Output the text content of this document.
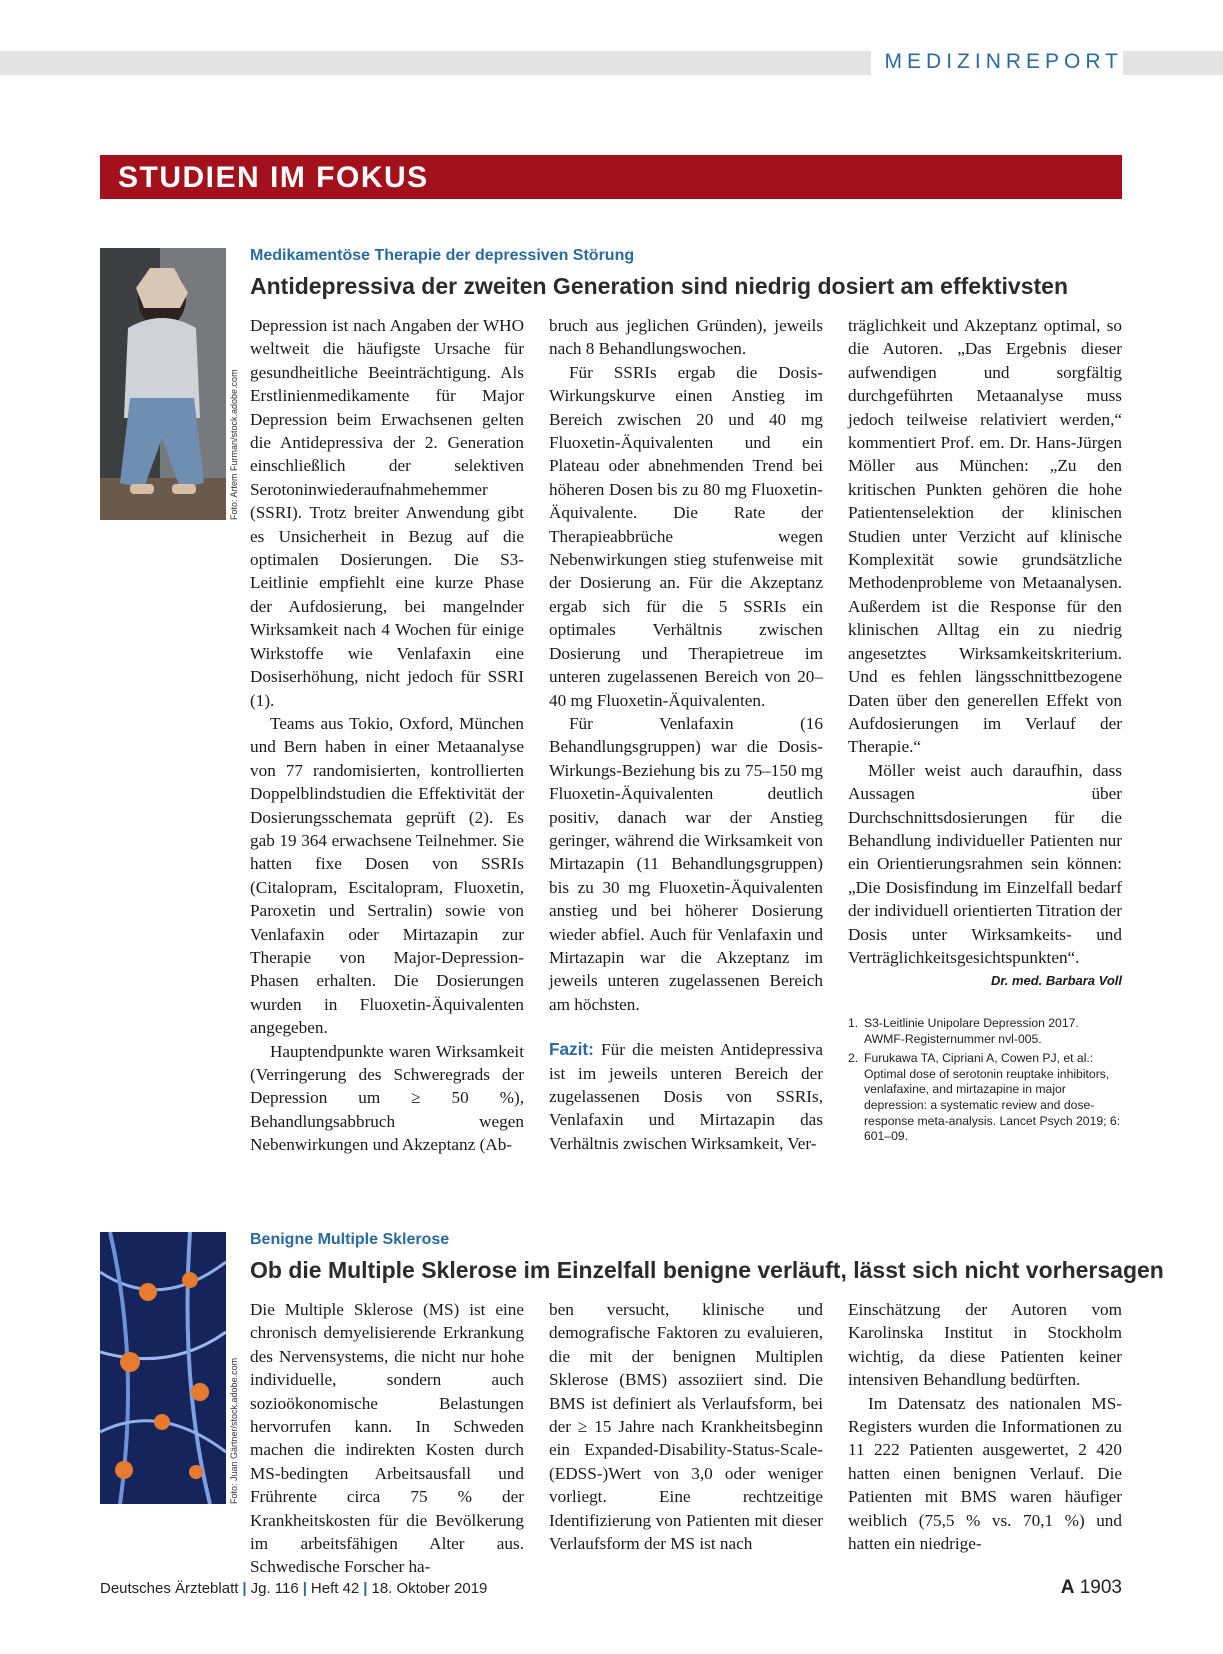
MEDIZINREPORT
STUDIEN IM FOKUS
Foto: Artem Furman/stock.adobe.com
Medikamentöse Therapie der depressiven Störung
Antidepressiva der zweiten Generation sind niedrig dosiert am effektivsten

Depression ist nach Angaben der WHO weltweit die häufigste Ursache für gesundheitliche Beeinträchtigung. Als Erstlinienmedikamente für Major Depression beim Erwachsenen gelten die Antidepressiva der 2. Generation einschließlich der selektiven Serotoninwiederaufnahmehemmer (SSRI). Trotz breiter Anwendung gibt es Unsicherheit in Bezug auf die optimalen Dosierungen. Die S3-Leitlinie empfiehlt eine kurze Phase der Aufdosierung, bei mangelnder Wirksamkeit nach 4 Wochen für einige Wirkstoffe wie Venlafaxin eine Dosiserhöhung, nicht jedoch für SSRI (1).

Teams aus Tokio, Oxford, München und Bern haben in einer Metaanalyse von 77 randomisierten, kontrollierten Doppelblindstudien die Effektivität der Dosierungsschemata geprüft (2). Es gab 19 364 erwachsene Teilnehmer. Sie hatten fixe Dosen von SSRIs (Citalopram, Escitalopram, Fluoxetin, Paroxetin und Sertralin) sowie von Venlafaxin oder Mirtazapin zur Therapie von Major-Depression-Phasen erhalten. Die Dosierungen wurden in Fluoxetin-Äquivalenten angegeben.

Hauptendpunkte waren Wirksamkeit (Verringerung des Schweregrads der Depression um ≥ 50 %), Behandlungsabbruch wegen Nebenwirkungen und Akzeptanz (Ab-

bruch aus jeglichen Gründen), jeweils nach 8 Behandlungswochen.

Für SSRIs ergab die Dosis-Wirkungskurve einen Anstieg im Bereich zwischen 20 und 40 mg Fluoxetin-Äquivalenten und ein Plateau oder abnehmenden Trend bei höheren Dosen bis zu 80 mg Fluoxetin-Äquivalente. Die Rate der Therapieabbrüche wegen Nebenwirkungen stieg stufenweise mit der Dosierung an. Für die Akzeptanz ergab sich für die 5 SSRIs ein optimales Verhältnis zwischen Dosierung und Therapietreue im unteren zugelassenen Bereich von 20–40 mg Fluoxetin-Äquivalenten.

Für Venlafaxin (16 Behandlungsgruppen) war die Dosis-Wirkungs-Beziehung bis zu 75–150 mg Fluoxetin-Äquivalenten deutlich positiv, danach war der Anstieg geringer, während die Wirksamkeit von Mirtazapin (11 Behandlungsgruppen) bis zu 30 mg Fluoxetin-Äquivalenten anstieg und bei höherer Dosierung wieder abfiel. Auch für Venlafaxin und Mirtazapin war die Akzeptanz im jeweils unteren zugelassenen Bereich am höchsten.

Fazit: Für die meisten Antidepressiva ist im jeweils unteren Bereich der zugelassenen Dosis von SSRIs, Venlafaxin und Mirtazapin das Verhältnis zwischen Wirksamkeit, Ver-

träglichkeit und Akzeptanz optimal, so die Autoren. „Das Ergebnis dieser aufwendigen und sorgfältig durchgeführten Metaanalyse muss jedoch teilweise relativiert werden,“ kommentiert Prof. em. Dr. Hans-Jürgen Möller aus München: „Zu den kritischen Punkten gehören die hohe Patientenselektion der klinischen Studien unter Verzicht auf klinische Komplexität sowie grundsätzliche Methodenprobleme von Metaanalysen. Außerdem ist die Response für den klinischen Alltag ein zu niedrig angesetztes Wirksamkeitskriterium. Und es fehlen längsschnittbezogene Daten über den generellen Effekt von Aufdosierungen im Verlauf der Therapie.“

Möller weist auch daraufhin, dass Aussagen über Durchschnittsdosierungen für die Behandlung individueller Patienten nur ein Orientierungsrahmen sein können: „Die Dosisfindung im Einzelfall bedarf der individuell orientierten Titration der Dosis unter Wirksamkeits- und Verträglichkeitsgesichtspunkten“.
Dr. med. Barbara Voll

1. S3-Leitlinie Unipolare Depression 2017. AWMF-Registernummer nvl-005.
2. Furukawa TA, Cipriani A, Cowen PJ, et al.: Optimal dose of serotonin reuptake inhibitors, venlafaxine, and mirtazapine in major depression: a systematic review and dose-response meta-analysis. Lancet Psych 2019; 6: 601–09.
Foto: Juan Gärtner/stock.adobe.com
Benigne Multiple Sklerose
Ob die Multiple Sklerose im Einzelfall benigne verläuft, lässt sich nicht vorhersagen

Die Multiple Sklerose (MS) ist eine chronisch demyelisierende Erkrankung des Nervensystems, die nicht nur hohe individuelle, sondern auch sozioökonomische Belastungen hervorrufen kann. In Schweden machen die indirekten Kosten durch MS-bedingten Arbeitsausfall und Frührente circa 75 % der Krankheitskosten für die Bevölkerung im arbeitsfähigen Alter aus. Schwedische Forscher ha-

ben versucht, klinische und demografische Faktoren zu evaluieren, die mit der benignen Multiplen Sklerose (BMS) assoziiert sind. Die BMS ist definiert als Verlaufsform, bei der ≥ 15 Jahre nach Krankheitsbeginn ein Expanded-Disability-Status-Scale-(EDSS-)Wert von 3,0 oder weniger vorliegt. Eine rechtzeitige Identifizierung von Patienten mit dieser Verlaufsform der MS ist nach

Einschätzung der Autoren vom Karolinska Institut in Stockholm wichtig, da diese Patienten keiner intensiven Behandlung bedürften.

Im Datensatz des nationalen MS-Registers wurden die Informationen zu 11 222 Patienten ausgewertet, 2 420 hatten einen benignen Verlauf. Die Patienten mit BMS waren häufiger weiblich (75,5 % vs. 70,1 %) und hatten ein niedrige-

Deutsches Ärzteblatt | Jg. 116 | Heft 42 | 18. Oktober 2019	A 1903
